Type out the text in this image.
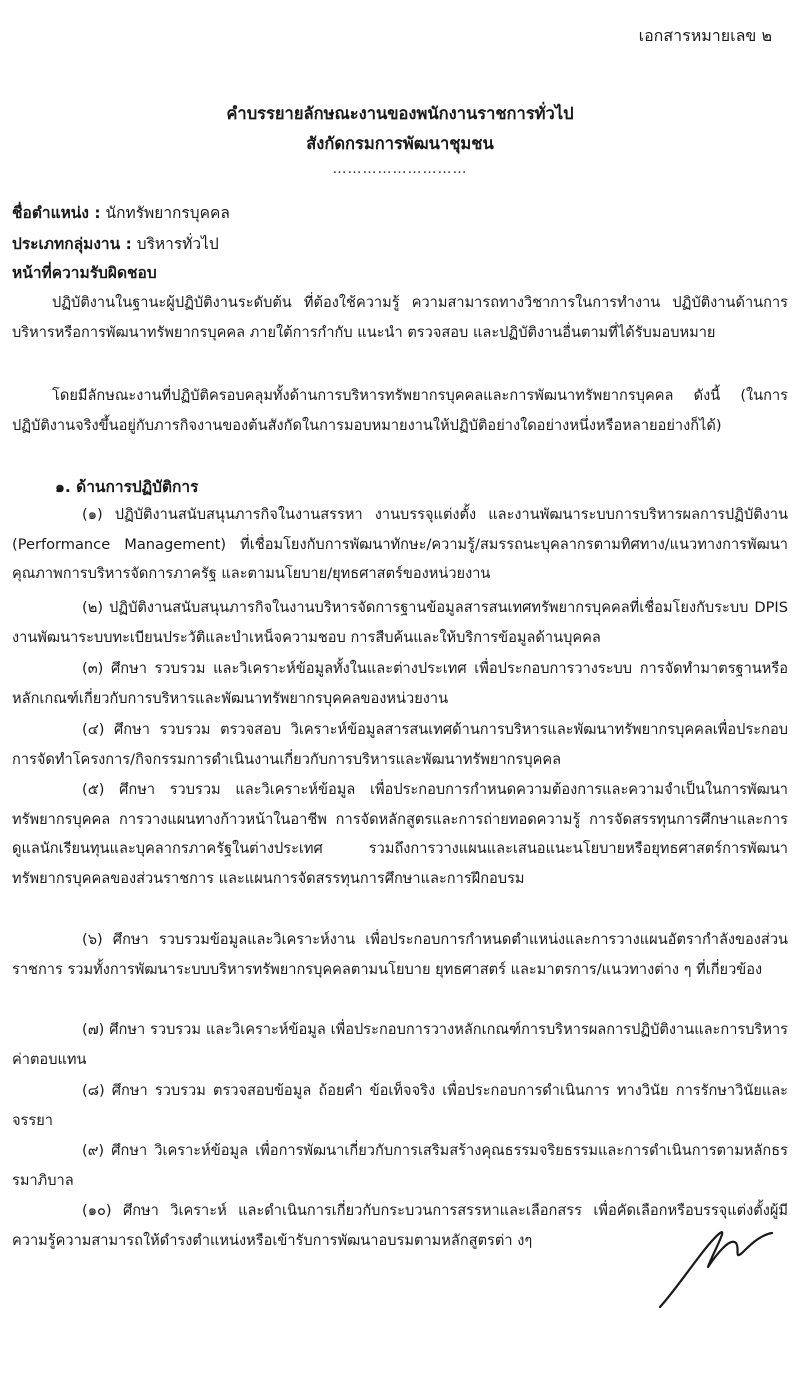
เอกสารหมายเลข ๒
คำบรรยายลักษณะงานของพนักงานราชการทั่วไป
สังกัดกรมการพัฒนาชุมชน
………………………
ชื่อตำแหน่ง : นักทรัพยากรบุคคล
ประเภทกลุ่มงาน : บริหารทั่วไป
หน้าที่ความรับผิดชอบ

ปฏิบัติงานในฐานะผู้ปฏิบัติงานระดับต้น ที่ต้องใช้ความรู้ ความสามารถทางวิชาการในการทำงาน ปฏิบัติงานด้านการบริหารหรือการพัฒนาทรัพยากรบุคคล ภายใต้การกำกับ แนะนำ ตรวจสอบ และปฏิบัติงานอื่นตามที่ได้รับมอบหมาย

โดยมีลักษณะงานที่ปฏิบัติครอบคลุมทั้งด้านการบริหารทรัพยากรบุคคลและการพัฒนาทรัพยากรบุคคล ดังนี้ (ในการปฏิบัติงานจริงขึ้นอยู่กับภารกิจงานของต้นสังกัดในการมอบหมายงานให้ปฏิบัติอย่างใดอย่างหนึ่งหรือหลายอย่างก็ได้)

๑. ด้านการปฏิบัติการ

(๑) ปฏิบัติงานสนับสนุนภารกิจในงานสรรหา งานบรรจุแต่งตั้ง และงานพัฒนาระบบการบริหารผลการปฏิบัติงาน (Performance Management) ที่เชื่อมโยงกับการพัฒนาทักษะ/ความรู้/สมรรถนะบุคลากรตามทิศทาง/แนวทางการพัฒนาคุณภาพการบริหารจัดการภาครัฐ และตามนโยบาย/ยุทธศาสตร์ของหน่วยงาน

(๒) ปฏิบัติงานสนับสนุนภารกิจในงานบริหารจัดการฐานข้อมูลสารสนเทศทรัพยากรบุคคลที่เชื่อมโยงกับระบบ DPIS งานพัฒนาระบบทะเบียนประวัติและบำเหน็จความชอบ การสืบค้นและให้บริการข้อมูลด้านบุคคล

(๓) ศึกษา รวบรวม และวิเคราะห์ข้อมูลทั้งในและต่างประเทศ เพื่อประกอบการวางระบบ การจัดทำมาตรฐานหรือหลักเกณฑ์เกี่ยวกับการบริหารและพัฒนาทรัพยากรบุคคลของหน่วยงาน

(๔) ศึกษา รวบรวม ตรวจสอบ วิเคราะห์ข้อมูลสารสนเทศด้านการบริหารและพัฒนาทรัพยากรบุคคลเพื่อประกอบการจัดทำโครงการ/กิจกรรมการดำเนินงานเกี่ยวกับการบริหารและพัฒนาทรัพยากรบุคคล

(๕) ศึกษา รวบรวม และวิเคราะห์ข้อมูล เพื่อประกอบการกำหนดความต้องการและความจำเป็นในการพัฒนาทรัพยากรบุคคล การวางแผนทางก้าวหน้าในอาชีพ การจัดหลักสูตรและการถ่ายทอดความรู้ การจัดสรรทุนการศึกษาและการดูแลนักเรียนทุนและบุคลากรภาครัฐในต่างประเทศ รวมถึงการวางแผนและเสนอแนะนโยบายหรือยุทธศาสตร์การพัฒนาทรัพยากรบุคคลของส่วนราชการ และแผนการจัดสรรทุนการศึกษาและการฝึกอบรม

(๖) ศึกษา รวบรวมข้อมูลและวิเคราะห์งาน เพื่อประกอบการกำหนดตำแหน่งและการวางแผนอัตรากำลังของส่วนราชการ รวมทั้งการพัฒนาระบบบริหารทรัพยากรบุคคลตามนโยบาย ยุทธศาสตร์ และมาตรการ/แนวทางต่าง ๆ ที่เกี่ยวข้อง

(๗) ศึกษา รวบรวม และวิเคราะห์ข้อมูล เพื่อประกอบการวางหลักเกณฑ์การบริหารผลการปฏิบัติงานและการบริหารค่าตอบแทน

(๘) ศึกษา รวบรวม ตรวจสอบข้อมูล ถ้อยคำ ข้อเท็จจริง เพื่อประกอบการดำเนินการ ทางวินัย การรักษาวินัยและจรรยา

(๙) ศึกษา วิเคราะห์ข้อมูล เพื่อการพัฒนาเกี่ยวกับการเสริมสร้างคุณธรรมจริยธรรมและการดำเนินการตามหลักธรรมาภิบาล

(๑๐) ศึกษา วิเคราะห์ และดำเนินการเกี่ยวกับกระบวนการสรรหาและเลือกสรร เพื่อคัดเลือกหรือบรรจุแต่งตั้งผู้มีความรู้ความสามารถให้ดำรงตำแหน่งหรือเข้ารับการพัฒนาอบรมตามหลักสูตรต่า งๆ
